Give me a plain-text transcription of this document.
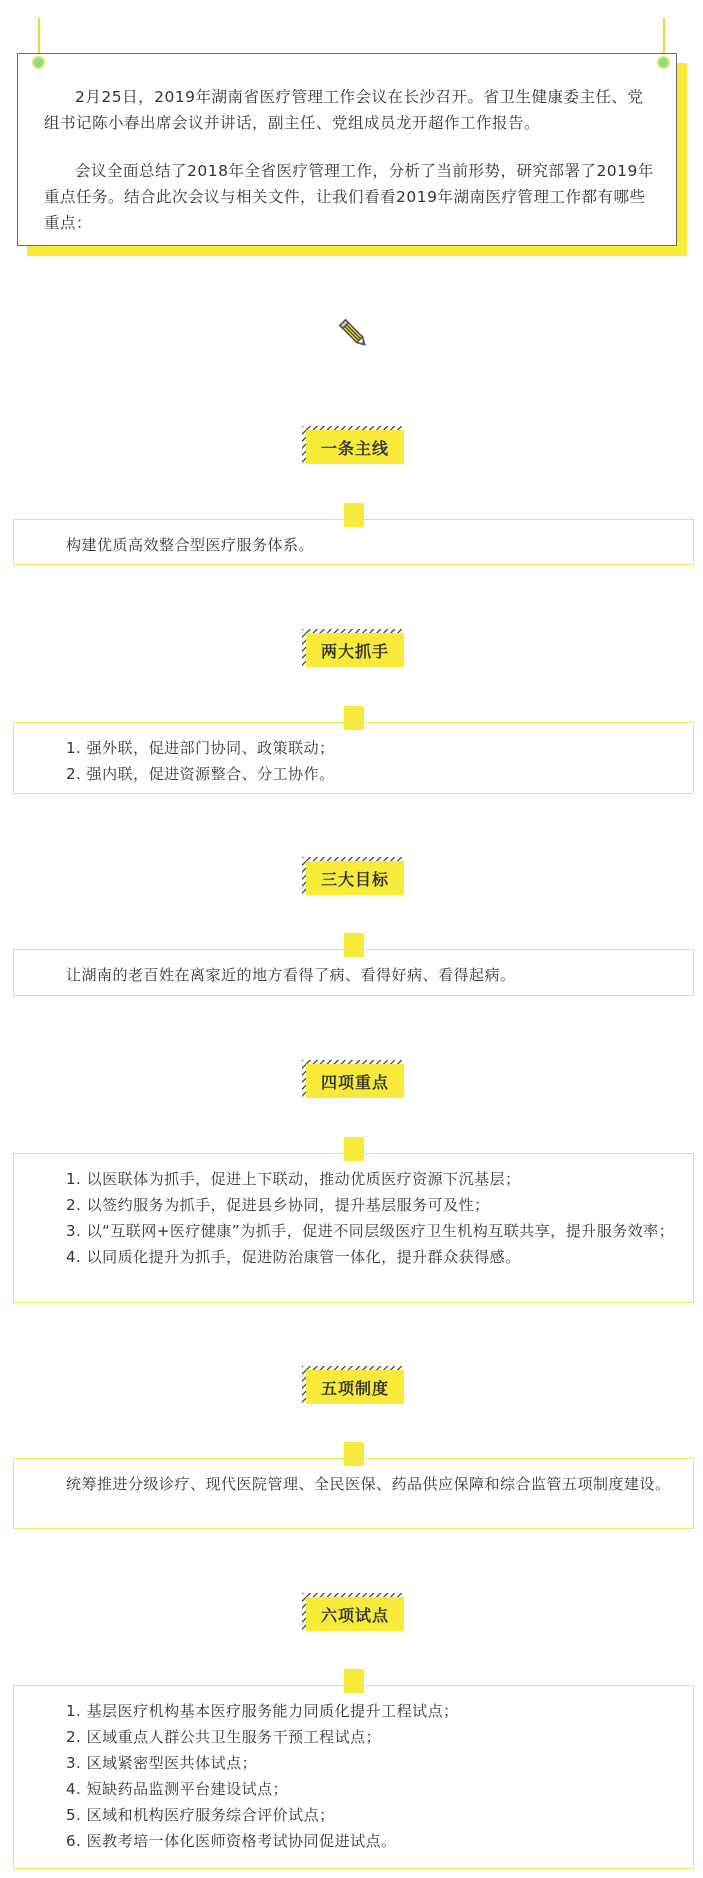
2月25日，2019年湖南省医疗管理工作会议在长沙召开。省卫生健康委主任、党组书记陈小春出席会议并讲话，副主任、党组成员龙开超作工作报告。

会议全面总结了2018年全省医疗管理工作，分析了当前形势，研究部署了2019年重点任务。结合此次会议与相关文件，让我们看看2019年湖南医疗管理工作都有哪些重点：

一条主线

构建优质高效整合型医疗服务体系。

两大抓手

1. 强外联，促进部门协同、政策联动；

2. 强内联，促进资源整合、分工协作。

三大目标

让湖南的老百姓在离家近的地方看得了病、看得好病、看得起病。

四项重点

1. 以医联体为抓手，促进上下联动，推动优质医疗资源下沉基层；

2. 以签约服务为抓手，促进县乡协同，提升基层服务可及性；

3. 以“互联网+医疗健康”为抓手，促进不同层级医疗卫生机构互联共享，提升服务效率；

4. 以同质化提升为抓手，促进防治康管一体化，提升群众获得感。

五项制度

统筹推进分级诊疗、现代医院管理、全民医保、药品供应保障和综合监管五项制度建设。

六项试点

1. 基层医疗机构基本医疗服务能力同质化提升工程试点；

2. 区域重点人群公共卫生服务干预工程试点；

3. 区域紧密型医共体试点；

4. 短缺药品监测平台建设试点；

5. 区域和机构医疗服务综合评价试点；

6. 医教考培一体化医师资格考试协同促进试点。
